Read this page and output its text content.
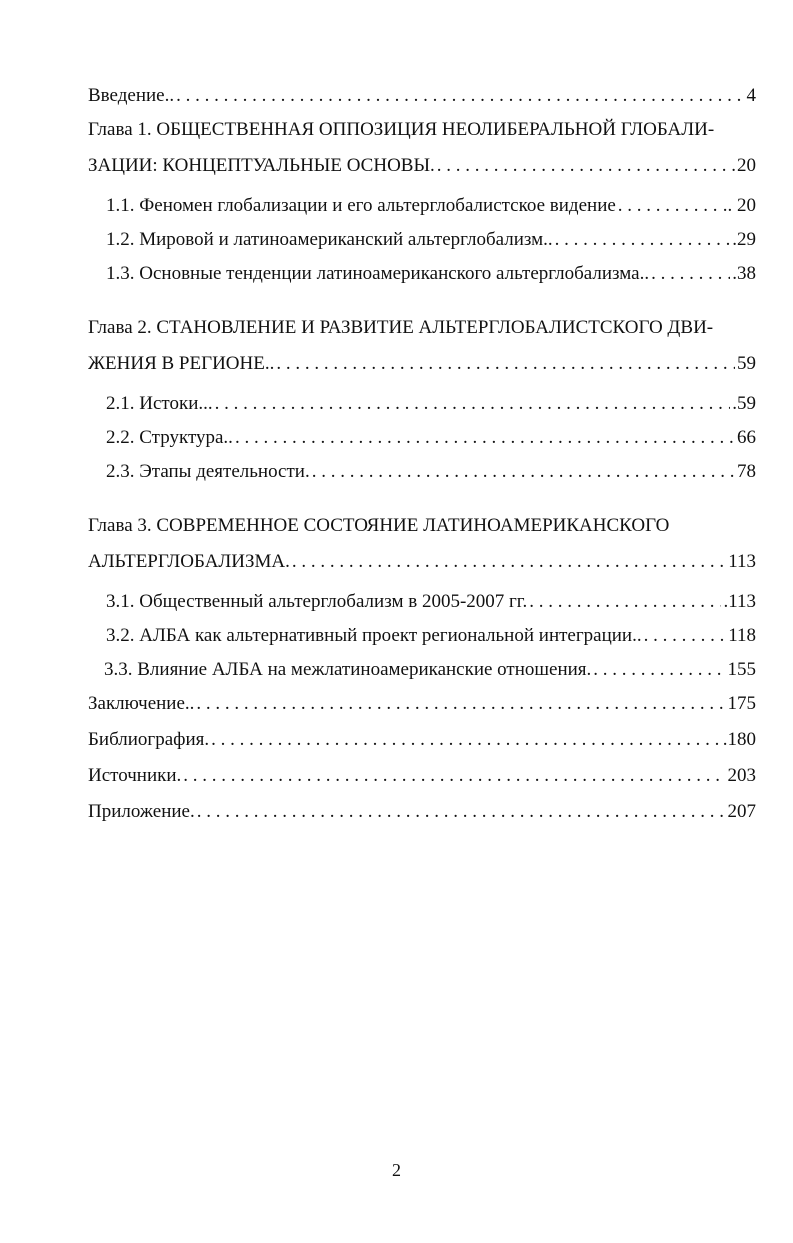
Введение.. . . .	4
Глава 1. ОБЩЕСТВЕННАЯ ОППОЗИЦИЯ НЕОЛИБЕРАЛЬНОЙ ГЛОБАЛИ-
ЗАЦИИ: КОНЦЕПТУАЛЬНЫЕ ОСНОВЫ. . . .	20
1.1. Феномен глобализации и его альтерглобалистское видение . . .	.. 20
1.2. Мировой и латиноамериканский альтерглобализм.. . . .	.29
1.3. Основные тенденции латиноамериканского альтерглобализма.. . . .	.38
Глава 2. СТАНОВЛЕНИЕ И РАЗВИТИЕ АЛЬТЕРГЛОБАЛИСТСКОГО ДВИ-
ЖЕНИЯ В РЕГИОНЕ.. . . .	59
2.1. Истоки... . . .	.59
2.2. Структура.. . . .	66
2.3. Этапы деятельности. . . .	78
Глава 3. СОВРЕМЕННОЕ СОСТОЯНИЕ ЛАТИНОАМЕРИКАНСКОГО
АЛЬТЕРГЛОБАЛИЗМА. . . .	113
3.1. Общественный альтерглобализм в 2005-2007 гг. . . .	.113
3.2. АЛБА как альтернативный проект региональной интеграции.. . . .	118
3.3. Влияние АЛБА на межлатиноамериканские отношения. . . .	155
Заключение.. . . .	175
Библиография. . . .	.180
Источники. . . .	203
Приложение. . . .	207
2
